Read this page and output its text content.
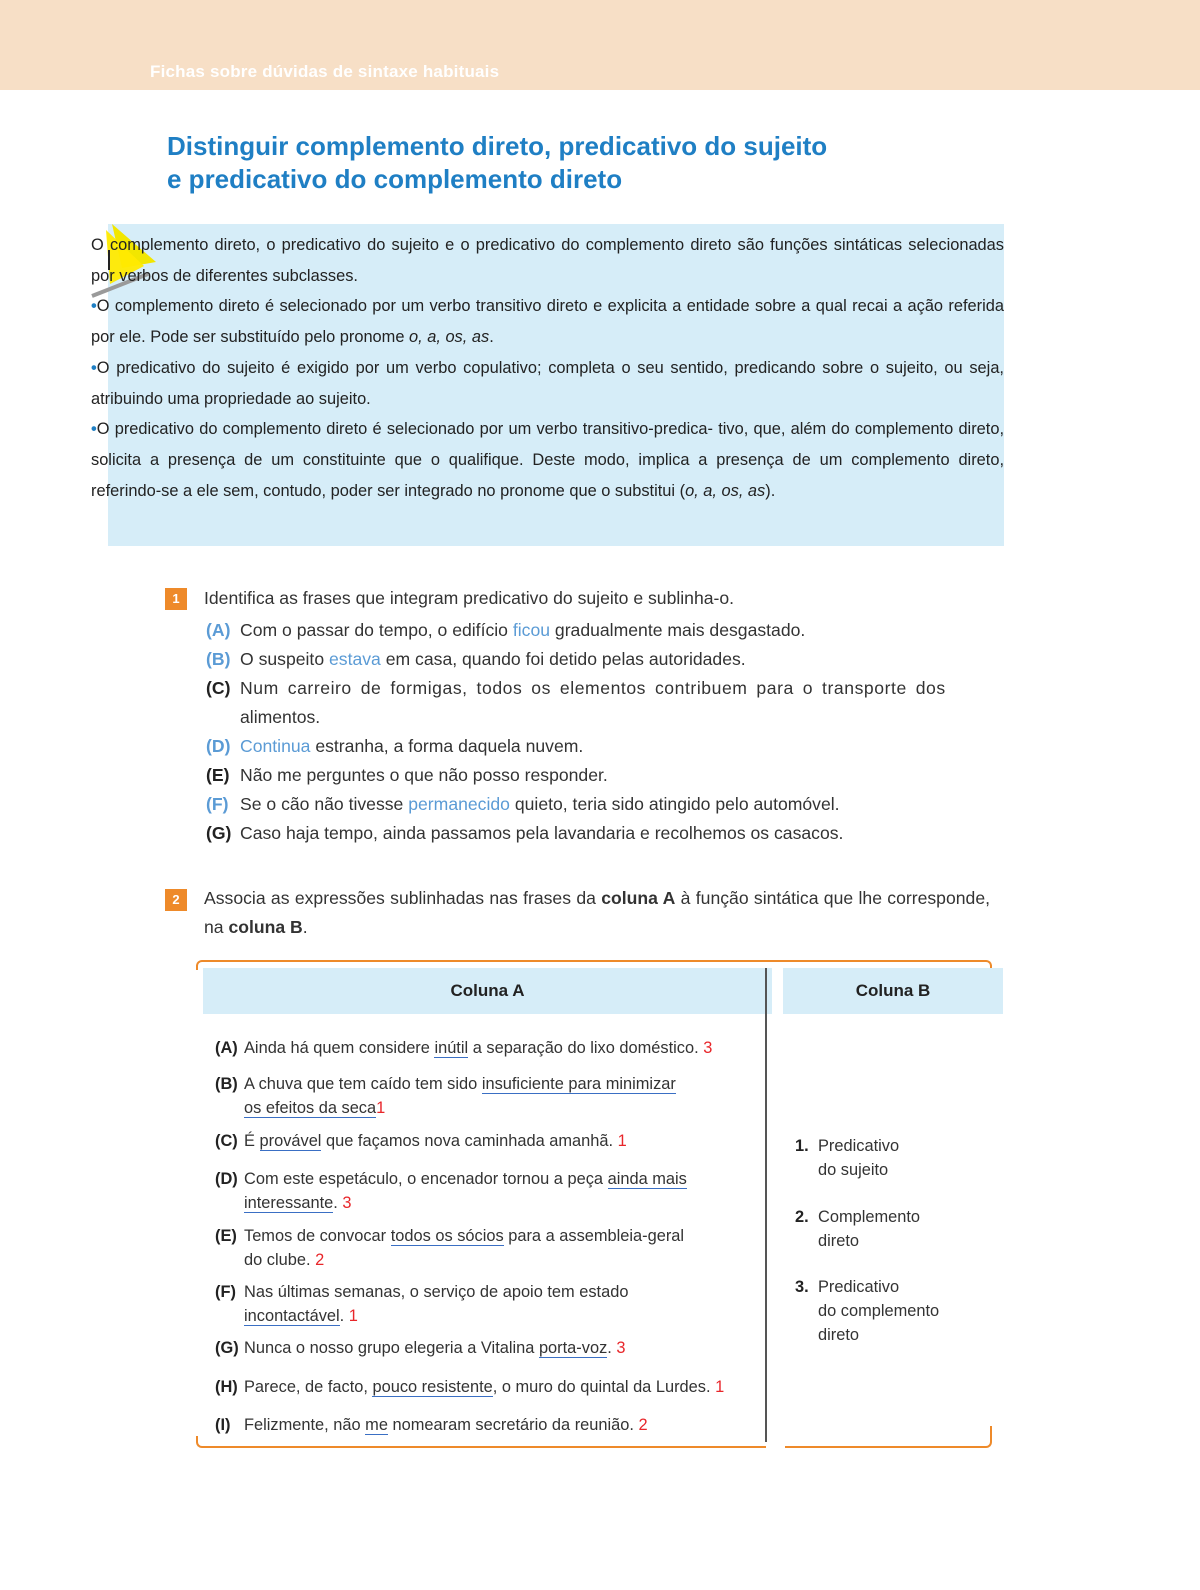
Fichas sobre dúvidas de sintaxe habituais
Distinguir complemento direto, predicativo do sujeito
e predicativo do complemento direto

O complemento direto, o predicativo do sujeito e o predicativo do complemento direto são funções sintáticas selecionadas por verbos de diferentes subclasses.

•O complemento direto é selecionado por um verbo transitivo direto e explicita a entidade sobre a qual recai a ação referida por ele. Pode ser substituído pelo pronome o, a, os, as.

•O predicativo do sujeito é exigido por um verbo copulativo; completa o seu sentido, predicando sobre o sujeito, ou seja, atribuindo uma propriedade ao sujeito.

•O predicativo do complemento direto é selecionado por um verbo transitivo-predica- tivo, que, além do complemento direto, solicita a presença de um constituinte que o qualifique. Deste modo, implica a presença de um complemento direto, referindo-se a ele sem, contudo, poder ser integrado no pronome que o substitui (o, a, os, as).

1	Identifica as frases que integram predicativo do sujeito e sublinha-o.
(A) Com o passar do tempo, o edifício ficou gradualmente mais desgastado.
(B) O suspeito estava em casa, quando foi detido pelas autoridades.
(C) Num carreiro de formigas, todos os elementos contribuem para o transporte dos
alimentos.
(D) Continua estranha, a forma daquela nuvem.
(E) Não me perguntes o que não posso responder.
(F) Se o cão não tivesse permanecido quieto, teria sido atingido pelo automóvel.
(G) Caso haja tempo, ainda passamos pela lavandaria e recolhemos os casacos.
2	Associa as expressões sublinhadas nas frases da coluna A à função sintática que lhe corresponde, na coluna B.
Coluna A	Coluna B
(A) Ainda há quem considere inútil a separação do lixo doméstico. 3
(B) A chuva que tem caído tem sido insuficiente para minimizar
os efeitos da seca1
(C) É provável que façamos nova caminhada amanhã. 1
(D) Com este espetáculo, o encenador tornou a peça ainda mais
interessante. 3
(E) Temos de convocar todos os sócios para a assembleia-geral
do clube. 2
(F) Nas últimas semanas, o serviço de apoio tem estado
incontactável. 1
(G) Nunca o nosso grupo elegeria a Vitalina porta-voz. 3
(H) Parece, de facto, pouco resistente, o muro do quintal da Lurdes. 1
(I) Felizmente, não me nomearam secretário da reunião. 2
1. Predicativo
do sujeito
2. Complemento
direto
3. Predicativo
do complemento
direto
